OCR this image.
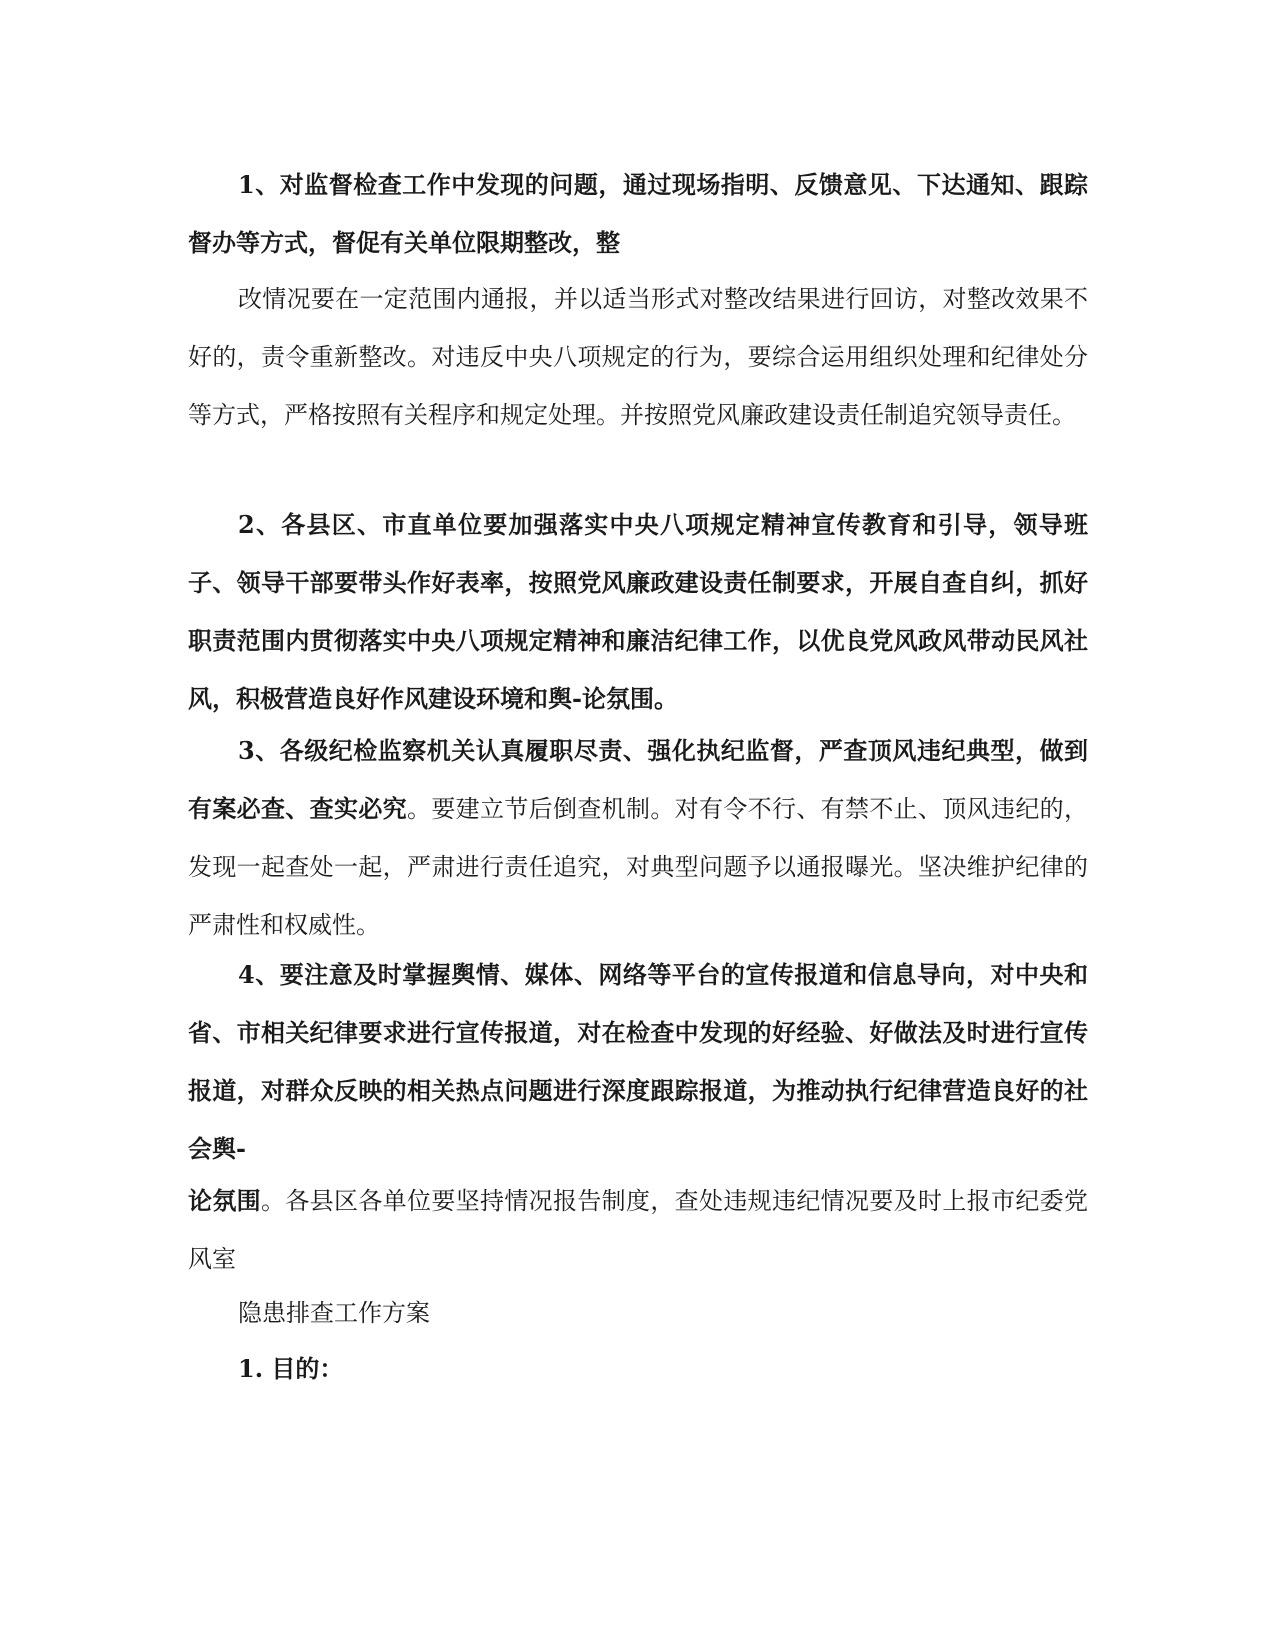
1、对监督检查工作中发现的问题，通过现场指明、反馈意见、下达通知、跟踪督办等方式，督促有关单位限期整改，整

改情况要在一定范围内通报，并以适当形式对整改结果进行回访，对整改效果不好的，责令重新整改。对违反中央八项规定的行为，要综合运用组织处理和纪律处分等方式，严格按照有关程序和规定处理。并按照党风廉政建设责任制追究领导责任。

2、各县区、市直单位要加强落实中央八项规定精神宣传教育和引导，领导班子、领导干部要带头作好表率，按照党风廉政建设责任制要求，开展自查自纠，抓好职责范围内贯彻落实中央八项规定精神和廉洁纪律工作，以优良党风政风带动民风社风，积极营造良好作风建设环境和舆-论氛围。

3、各级纪检监察机关认真履职尽责、强化执纪监督，严查顶风违纪典型，做到有案必查、查实必究。要建立节后倒查机制。对有令不行、有禁不止、顶风违纪的，发现一起查处一起，严肃进行责任追究，对典型问题予以通报曝光。坚决维护纪律的严肃性和权威性。

4、要注意及时掌握舆情、媒体、网络等平台的宣传报道和信息导向，对中央和省、市相关纪律要求进行宣传报道，对在检查中发现的好经验、好做法及时进行宣传报道，对群众反映的相关热点问题进行深度跟踪报道，为推动执行纪律营造良好的社会舆-

论氛围。各县区各单位要坚持情况报告制度，查处违规违纪情况要及时上报市纪委党风室

隐患排查工作方案

1. 目的：
